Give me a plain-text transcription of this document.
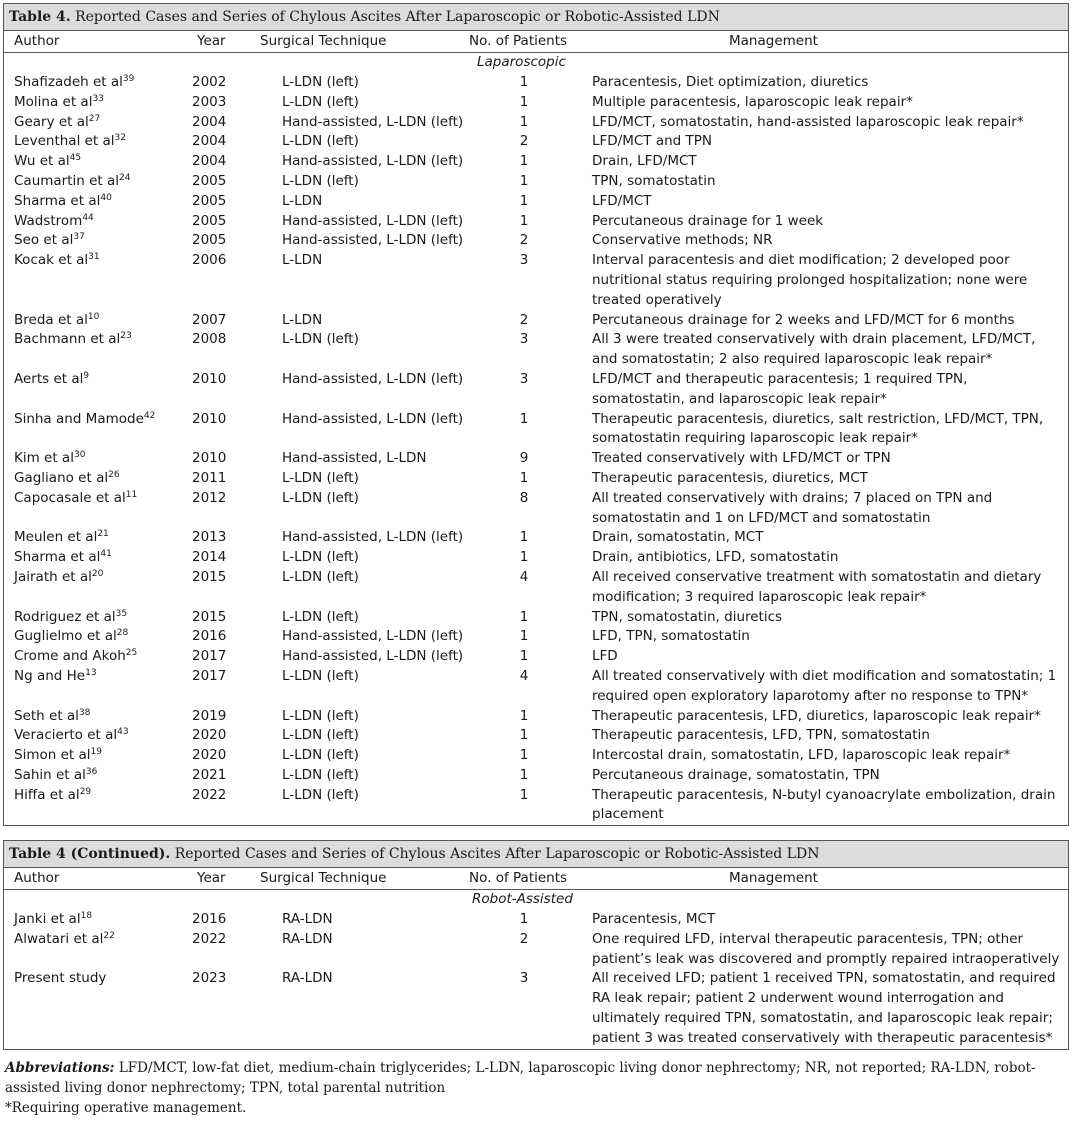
Table 4. Reported Cases and Series of Chylous Ascites After Laparoscopic or Robotic-Assisted LDN
Author	Year	Surgical Technique	No. of Patients	Management
Laparoscopic
Shafizadeh et $al^{39}$	2002	L-LDN (left)	1	Paracentesis, Diet optimization, diuretics
Molina et $al^{33}$	2003	L-LDN (left)	1	Multiple paracentesis, laparoscopic leak repair*
Geary et $al^{27}$	2004	Hand-assisted, L-LDN (left)	1	LFD/MCT, somatostatin, hand-assisted laparoscopic leak repair*
Leventhal et $al^{32}$	2004	L-LDN (left)	2	LFD/MCT and TPN
Wu et $al^{45}$	2004	Hand-assisted, L-LDN (left)	1	Drain, LFD/MCT
Caumartin et $al^{24}$	2005	L-LDN (left)	1	TPN, somatostatin
Sharma et $al^{40}$	2005	L-LDN	1	LFD/MCT
Wadstrom$^{44}$	2005	Hand-assisted, L-LDN (left)	1	Percutaneous drainage for 1 week
Seo et $al^{37}$	2005	Hand-assisted, L-LDN (left)	2	Conservative methods; NR
Kocak et $al^{31}$	2006	L-LDN	3	Interval paracentesis and diet modification; 2 developed poor nutritional status requiring prolonged hospitalization; none were treated operatively
Breda et $al^{10}$	2007	L-LDN	2	Percutaneous drainage for 2 weeks and LFD/MCT for 6 months
Bachmann et $al^{23}$	2008	L-LDN (left)	3	All 3 were treated conservatively with drain placement, LFD/MCT, and somatostatin; 2 also required laparoscopic leak repair*
Aerts et $al^9$	2010	Hand-assisted, L-LDN (left)	3	LFD/MCT and therapeutic paracentesis; 1 required TPN, somatostatin, and laparoscopic leak repair*
Sinha and Mamode$^{42}$	2010	Hand-assisted, L-LDN (left)	1	Therapeutic paracentesis, diuretics, salt restriction, LFD/MCT, TPN, somatostatin requiring laparoscopic leak repair*
Kim et $al^{30}$	2010	Hand-assisted, L-LDN	9	Treated conservatively with LFD/MCT or TPN
Gagliano et $al^{26}$	2011	L-LDN (left)	1	Therapeutic paracentesis, diuretics, MCT
Capocasale et $al^{11}$	2012	L-LDN (left)	8	All treated conservatively with drains; 7 placed on TPN and somatostatin and 1 on LFD/MCT and somatostatin
Meulen et $al^{21}$	2013	Hand-assisted, L-LDN (left)	1	Drain, somatostatin, MCT
Sharma et $al^{41}$	2014	L-LDN (left)	1	Drain, antibiotics, LFD, somatostatin
Jairath et $al^{20}$	2015	L-LDN (left)	4	All received conservative treatment with somatostatin and dietary modification; 3 required laparoscopic leak repair*
Rodriguez et $al^{35}$	2015	L-LDN (left)	1	TPN, somatostatin, diuretics
Guglielmo et $al^{28}$	2016	Hand-assisted, L-LDN (left)	1	LFD, TPN, somatostatin
Crome and Akoh$^{25}$	2017	Hand-assisted, L-LDN (left)	1	LFD
Ng and He$^{13}$	2017	L-LDN (left)	4	All treated conservatively with diet modification and somatostatin; 1 required open exploratory laparotomy after no response to TPN*
Seth et $al^{38}$	2019	L-LDN (left)	1	Therapeutic paracentesis, LFD, diuretics, laparoscopic leak repair*
Veracierto et $al^{43}$	2020	L-LDN (left)	1	Therapeutic paracentesis, LFD, TPN, somatostatin
Simon et $al^{19}$	2020	L-LDN (left)	1	Intercostal drain, somatostatin, LFD, laparoscopic leak repair*
Sahin et $al^{36}$	2021	L-LDN (left)	1	Percutaneous drainage, somatostatin, TPN
Hiffa et $al^{29}$	2022	L-LDN (left)	1	Therapeutic paracentesis, N-butyl cyanoacrylate embolization, drain placement
Table 4 (Continued). Reported Cases and Series of Chylous Ascites After Laparoscopic or Robotic-Assisted LDN
Author	Year	Surgical Technique	No. of Patients	Management
Robot-Assisted
Janki et $al^{18}$	2016	RA-LDN	1	Paracentesis, MCT
Alwatari et $al^{22}$	2022	RA-LDN	2	One required LFD, interval therapeutic paracentesis, TPN; other patient’s leak was discovered and promptly repaired intraoperatively
Present study	2023	RA-LDN	3	All received LFD; patient 1 received TPN, somatostatin, and required RA leak repair; patient 2 underwent wound interrogation and ultimately required TPN, somatostatin, and laparoscopic leak repair; patient 3 was treated conservatively with therapeutic paracentesis*
Abbreviations: LFD/MCT, low-fat diet, medium-chain triglycerides; L-LDN, laparoscopic living donor nephrectomy; NR, not reported; RA-LDN, robot-assisted living donor nephrectomy; TPN, total parental nutrition
*Requiring operative management.
